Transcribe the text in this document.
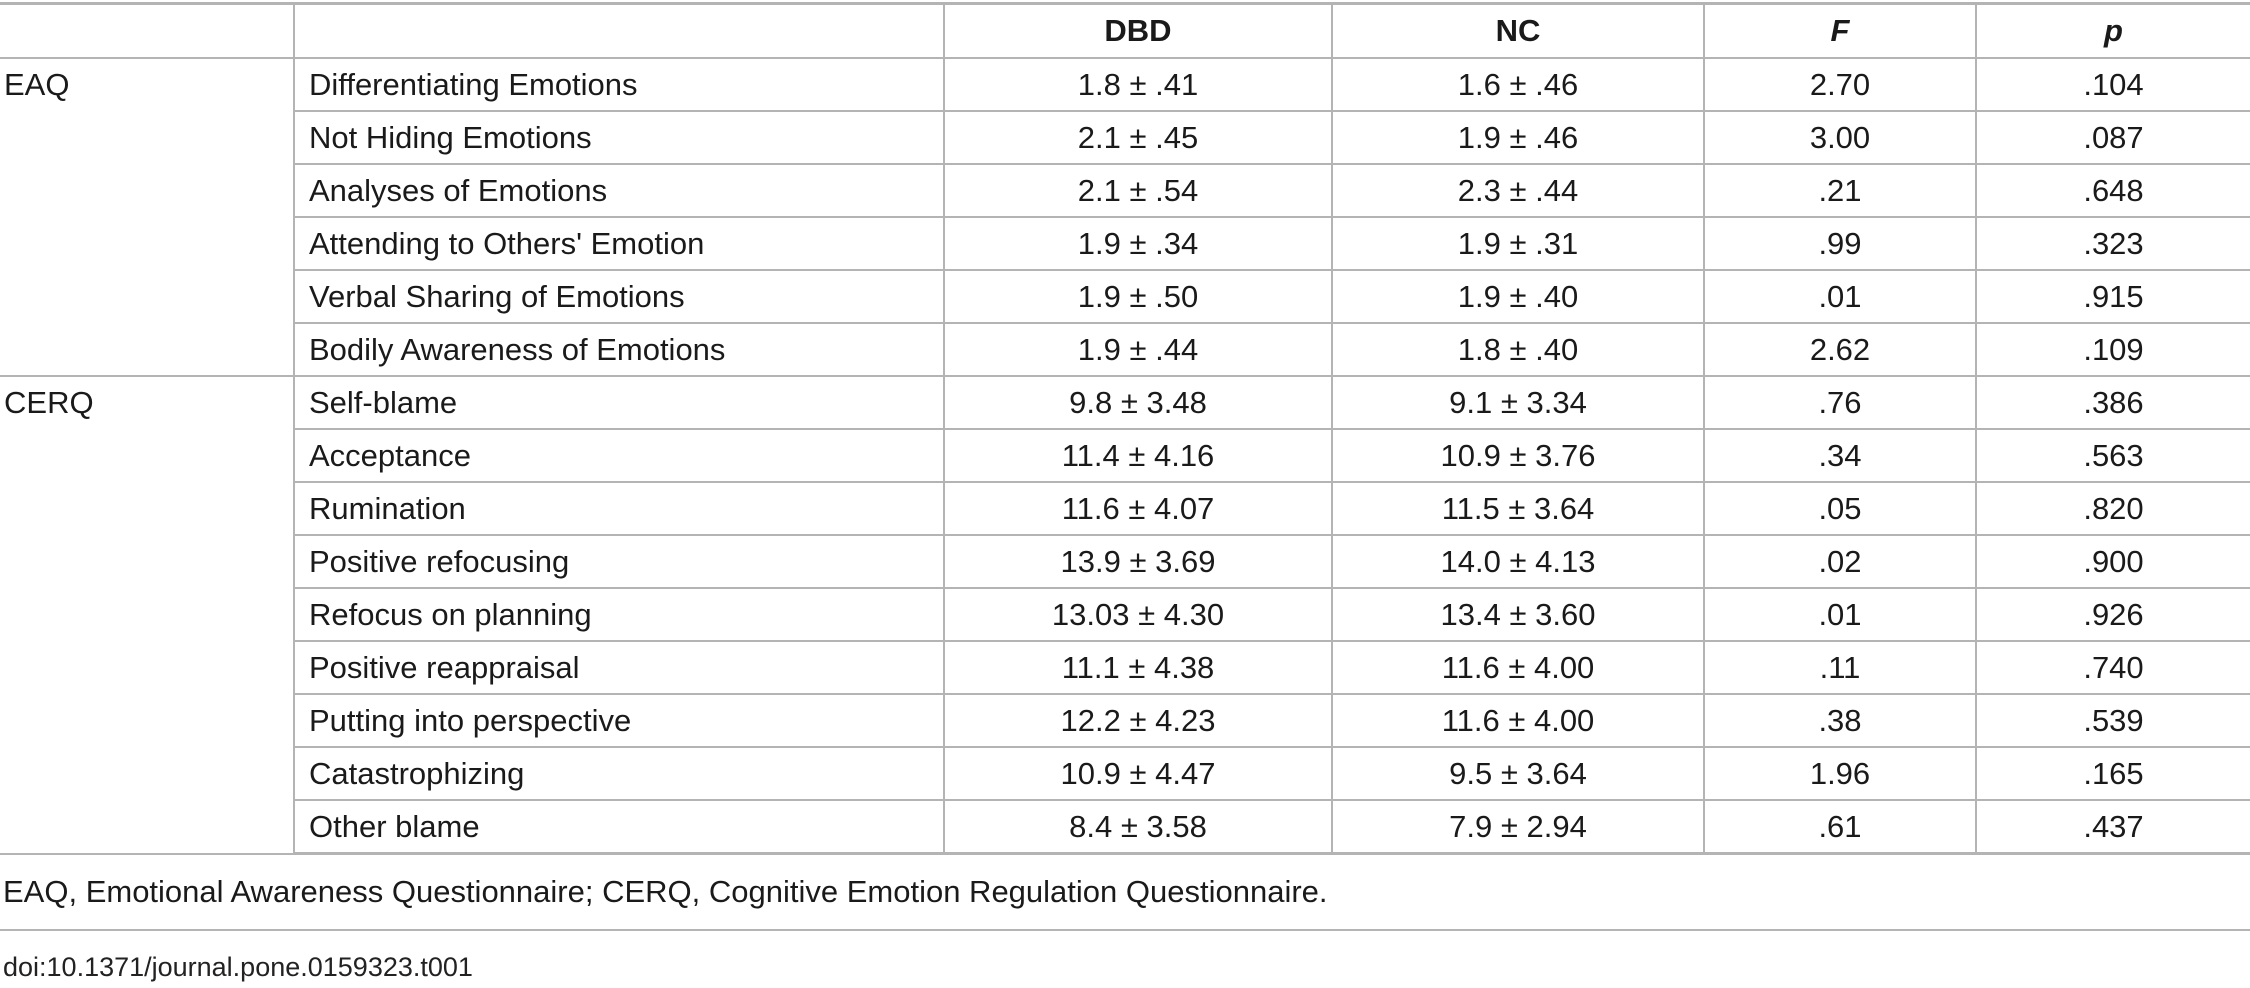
		DBD	NC	F	p
EAQ	Differentiating Emotions	1.8 ± .41	1.6 ± .46	2.70	.104
	Not Hiding Emotions	2.1 ± .45	1.9 ± .46	3.00	.087
	Analyses of Emotions	2.1 ± .54	2.3 ± .44	.21	.648
	Attending to Others' Emotion	1.9 ± .34	1.9 ± .31	.99	.323
	Verbal Sharing of Emotions	1.9 ± .50	1.9 ± .40	.01	.915
	Bodily Awareness of Emotions	1.9 ± .44	1.8 ± .40	2.62	.109
CERQ	Self-blame	9.8 ± 3.48	9.1 ± 3.34	.76	.386
	Acceptance	11.4 ± 4.16	10.9 ± 3.76	.34	.563
	Rumination	11.6 ± 4.07	11.5 ± 3.64	.05	.820
	Positive refocusing	13.9 ± 3.69	14.0 ± 4.13	.02	.900
	Refocus on planning	13.03 ± 4.30	13.4 ± 3.60	.01	.926
	Positive reappraisal	11.1 ± 4.38	11.6 ± 4.00	.11	.740
	Putting into perspective	12.2 ± 4.23	11.6 ± 4.00	.38	.539
	Catastrophizing	10.9 ± 4.47	9.5 ± 3.64	1.96	.165
	Other blame	8.4 ± 3.58	7.9 ± 2.94	.61	.437

EAQ, Emotional Awareness Questionnaire; CERQ, Cognitive Emotion Regulation Questionnaire.

doi:10.1371/journal.pone.0159323.t001
